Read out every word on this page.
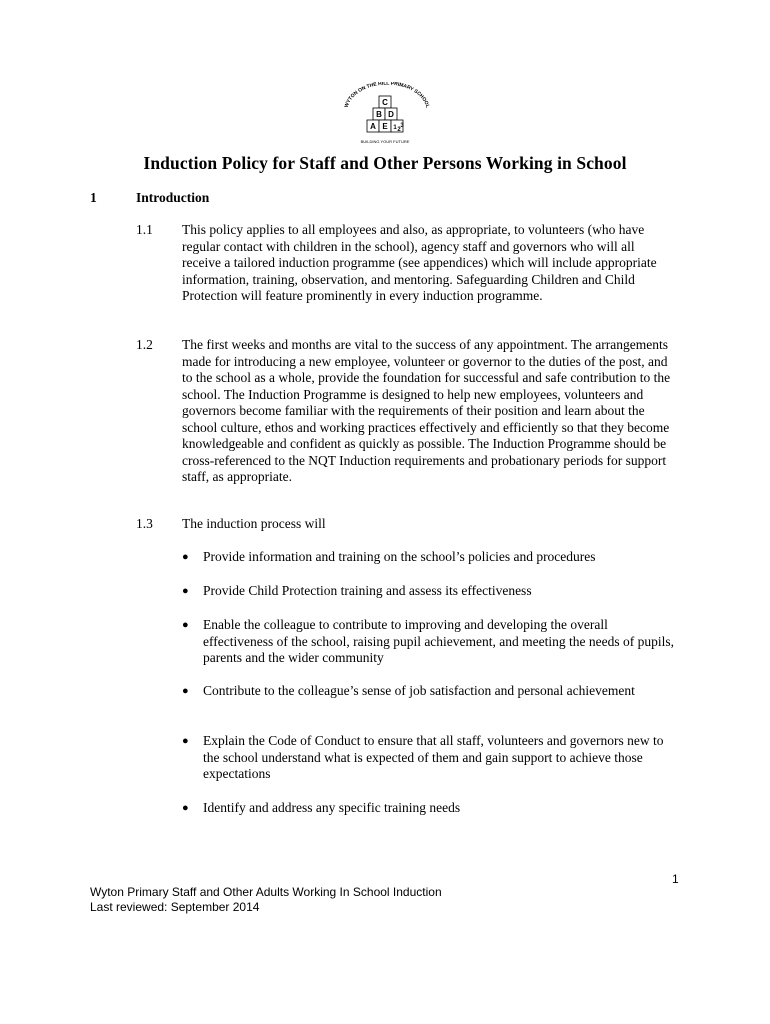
WYTON ON THE HILL PRIMARY SCHOOL
C
B D
A E 1 2
3
BUILDING YOUR FUTURE
Induction Policy for Staff and Other Persons Working in School
1	Introduction
1.1 This policy applies to all employees and also, as appropriate, to volunteers (who have regular contact with children in the school), agency staff and governors who will all receive a tailored induction programme (see appendices) which will include appropriate information, training, observation, and mentoring. Safeguarding Children and Child Protection will feature prominently in every induction programme.
1.2 The first weeks and months are vital to the success of any appointment. The arrangements made for introducing a new employee, volunteer or governor to the duties of the post, and to the school as a whole, provide the foundation for successful and safe contribution to the school. The Induction Programme is designed to help new employees, volunteers and governors become familiar with the requirements of their position and learn about the school culture, ethos and working practices effectively and efficiently so that they become knowledgeable and confident as quickly as possible. The Induction Programme should be cross-referenced to the NQT Induction requirements and probationary periods for support staff, as appropriate.
1.3 The induction process will
● Provide information and training on the school’s policies and procedures
● Provide Child Protection training and assess its effectiveness
● Enable the colleague to contribute to improving and developing the overall effectiveness of the school, raising pupil achievement, and meeting the needs of pupils, parents and the wider community
● Contribute to the colleague’s sense of job satisfaction and personal achievement
● Explain the Code of Conduct to ensure that all staff, volunteers and governors new to the school understand what is expected of them and gain support to achieve those expectations
● Identify and address any specific training needs
1
Wyton Primary Staff and Other Adults Working In School Induction
Last reviewed: September 2014
